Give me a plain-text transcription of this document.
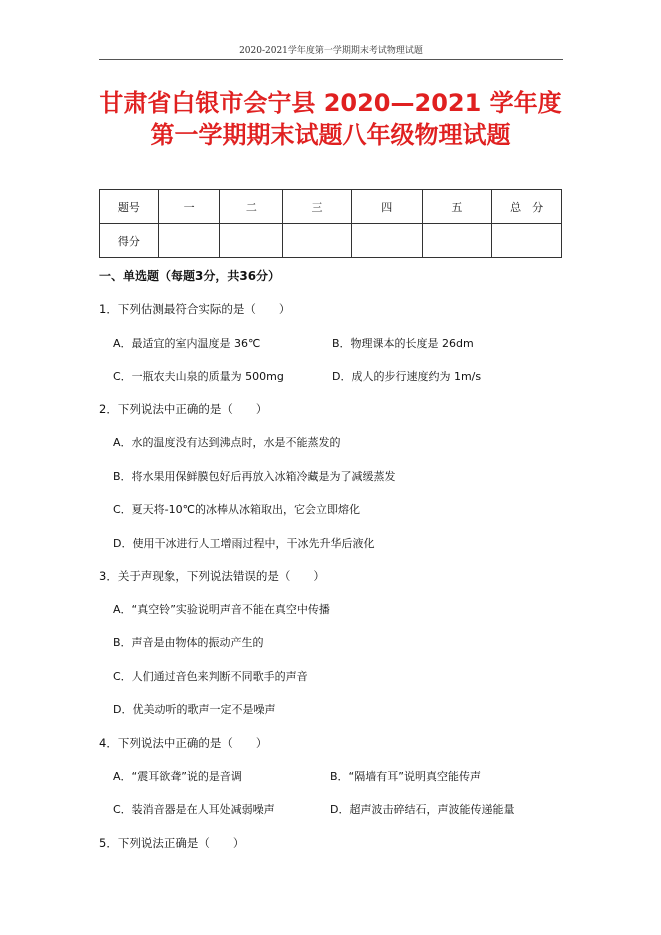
2020-2021学年度第一学期期末考试物理试题
甘肃省白银市会宁县 2020—2021 学年度
第一学期期末试题八年级物理试题
题号	一	二	三	四	五	总　分
得分						
一、单选题（每题3分，共36分）
1．下列估测最符合实际的是（　　）
A．最适宜的室内温度是 36℃	B．物理课本的长度是 26dm
C．一瓶农夫山泉的质量为 500mg	D．成人的步行速度约为 1m/s
2．下列说法中正确的是（　　）
A．水的温度没有达到沸点时，水是不能蒸发的
B．将水果用保鲜膜包好后再放入冰箱冷藏是为了减缓蒸发
C．夏天将-10℃的冰棒从冰箱取出，它会立即熔化
D．使用干冰进行人工增雨过程中，干冰先升华后液化
3．关于声现象，下列说法错误的是（　　）
A．“真空铃”实验说明声音不能在真空中传播
B．声音是由物体的振动产生的
C．人们通过音色来判断不同歌手的声音
D．优美动听的歌声一定不是噪声
4．下列说法中正确的是（　　）
A．“震耳欲聋”说的是音调	B．“隔墙有耳”说明真空能传声
C．装消音器是在人耳处减弱噪声	D．超声波击碎结石，声波能传递能量
5．下列说法正确是（　　）
